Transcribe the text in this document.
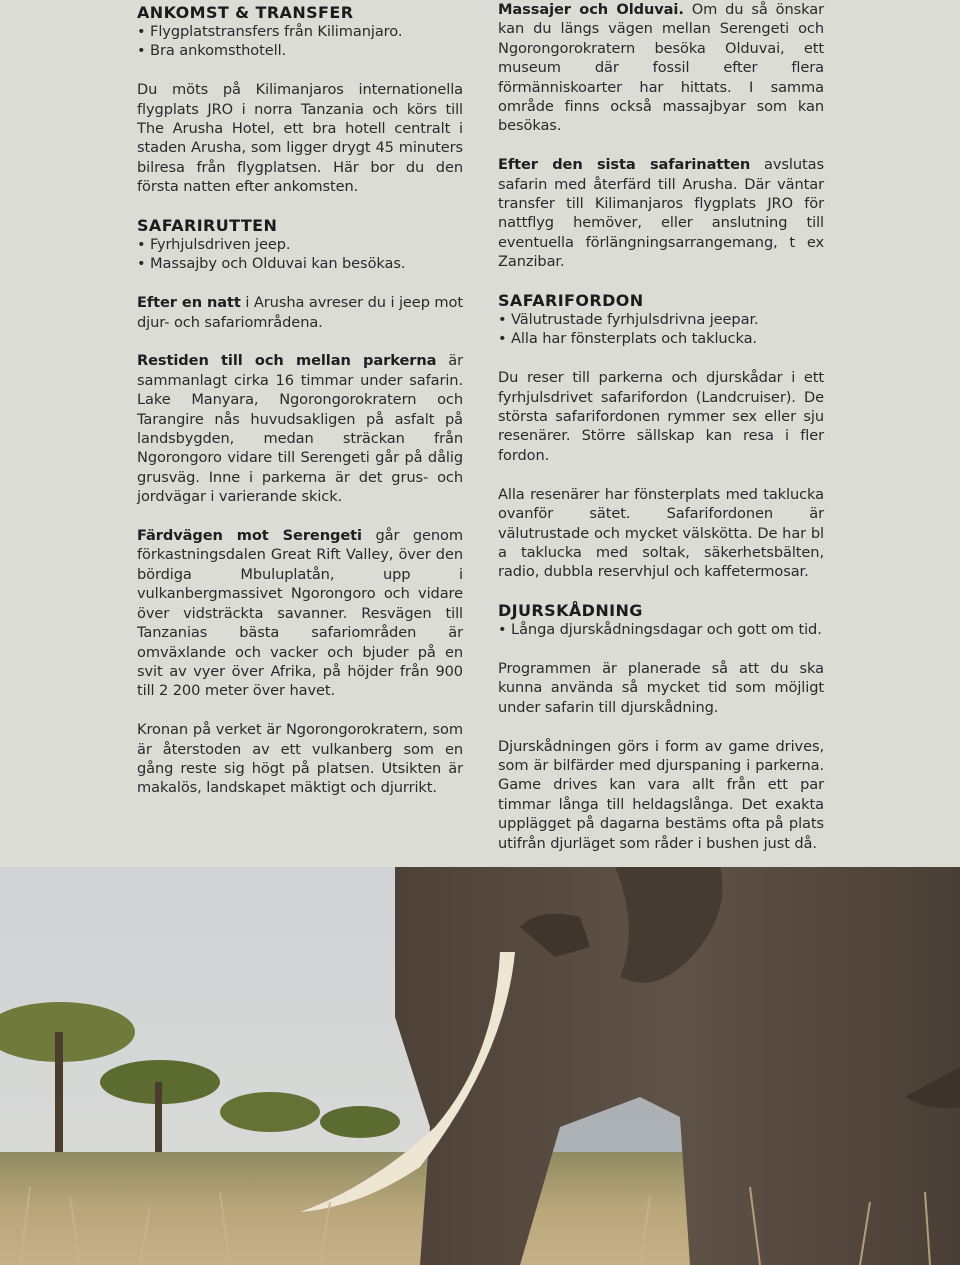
ANKOMST & TRANSFER
• Flygplatstransfers från Kilimanjaro.
• Bra ankomsthotell.

Du möts på Kilimanjaros internationella flygplats JRO i norra Tanzania och körs till The Arusha Hotel, ett bra hotell centralt i staden Arusha, som ligger drygt 45 minuters bilresa från flygplatsen. Här bor du den första natten efter ankomsten.

SAFARIRUTTEN
• Fyrhjulsdriven jeep.
• Massajby och Olduvai kan besökas.

Efter en natt i Arusha avreser du i jeep mot djur- och safariområdena.

Restiden till och mellan parkerna är sammanlagt cirka 16 timmar under safarin. Lake Manyara, Ngorongorokratern och Tarangire nås huvudsakligen på asfalt på landsbygden, medan sträckan från Ngorongoro vidare till Serengeti går på dålig grusväg. Inne i parkerna är det grus- och jordvägar i varierande skick.

Färdvägen mot Serengeti går genom förkastningsdalen Great Rift Valley, över den bördiga Mbuluplatån, upp i vulkanbergmassivet Ngorongoro och vidare över vidsträckta savanner. Resvägen till Tanzanias bästa safariområden är omväxlande och vacker och bjuder på en svit av vyer över Afrika, på höjder från 900 till 2 200 meter över havet.

Kronan på verket är Ngorongorokratern, som är återstoden av ett vulkanberg som en gång reste sig högt på platsen. Utsikten är makalös, landskapet mäktigt och djurrikt.

Massajer och Olduvai. Om du så önskar kan du längs vägen mellan Serengeti och Ngorongorokratern besöka Olduvai, ett museum där fossil efter flera förmänniskoarter har hittats. I samma område finns också massajbyar som kan besökas.

Efter den sista safarinatten avslutas safarin med återfärd till Arusha. Där väntar transfer till Kilimanjaros flygplats JRO för nattflyg hemöver, eller anslutning till eventuella förlängningsarrangemang, t ex Zanzibar.

SAFARIFORDON
• Välutrustade fyrhjulsdrivna jeepar.
• Alla har fönsterplats och taklucka.

Du reser till parkerna och djurskådar i ett fyrhjulsdrivet safarifordon (Landcruiser). De största safarifordonen rymmer sex eller sju resenärer. Större sällskap kan resa i fler fordon.

Alla resenärer har fönsterplats med taklucka ovanför sätet. Safarifordonen är välutrustade och mycket välskötta. De har bl a taklucka med soltak, säkerhetsbälten, radio, dubbla reservhjul och kaffetermosar.

DJURSKÅDNING
• Långa djurskådningsdagar och gott om tid.

Programmen är planerade så att du ska kunna använda så mycket tid som möjligt under safarin till djurskådning.

Djurskådningen görs i form av game drives, som är bilfärder med djurspaning i parkerna. Game drives kan vara allt från ett par timmar långa till heldagslånga. Det exakta upplägget på dagarna bestäms ofta på plats utifrån djurläget som råder i bushen just då.
